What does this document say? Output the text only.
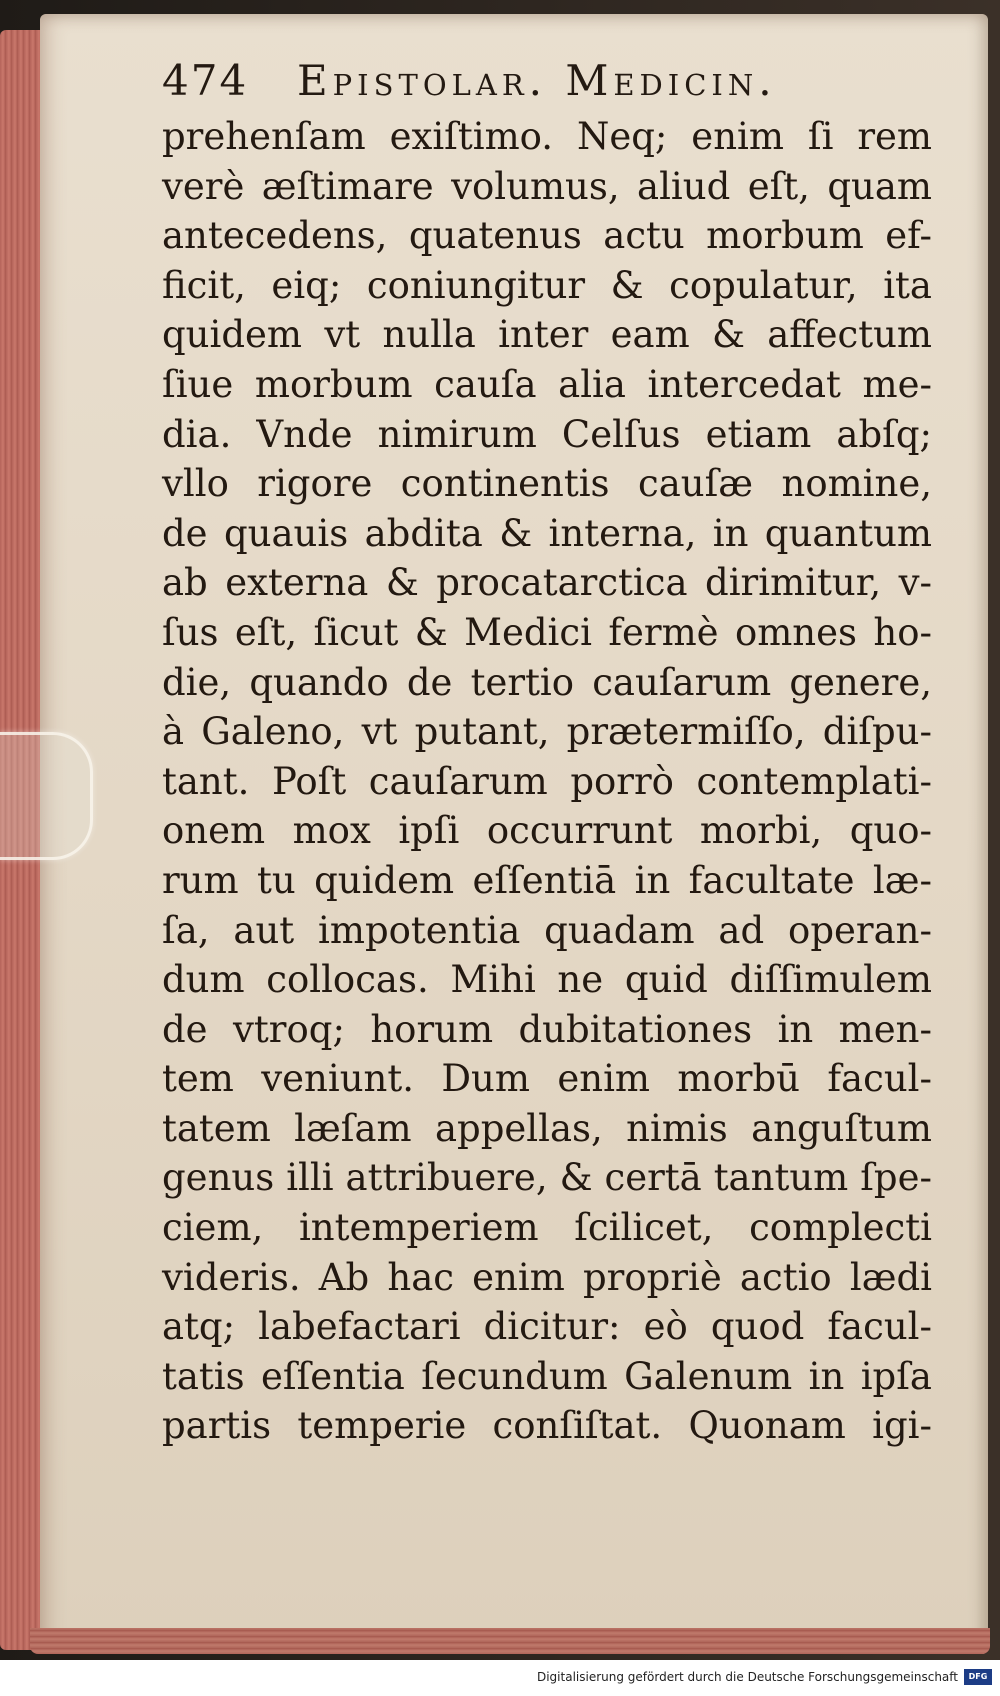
474 Epistolar. Medicin.
prehenſam exiſtimo. Neq; enim ſi rem
verè æſtimare volumus, aliud eſt, quam
antecedens, quatenus actu morbum ef-
ficit, eiq; coniungitur & copulatur, ita
quidem vt nulla inter eam & affectum
ſiue morbum cauſa alia intercedat me-
dia. Vnde nimirum Celſus etiam abſq;
vllo rigore continentis cauſæ nomine,
de quauis abdita & interna, in quantum
ab externa & procatarctica dirimitur, v-
ſus eſt, ſicut & Medici fermè omnes ho-
die, quando de tertio cauſarum genere,
à Galeno, vt putant, prætermiſſo, diſpu-
tant. Poſt cauſarum porrò contemplati-
onem mox ipſi occurrunt morbi, quo-
rum tu quidem eſſentiā in facultate læ-
ſa, aut impotentia quadam ad operan-
dum collocas. Mihi ne quid diſſimulem
de vtroq; horum dubitationes in men-
tem veniunt. Dum enim morbū facul-
tatem læſam appellas, nimis anguſtum
genus illi attribuere, & certā tantum ſpe-
ciem, intemperiem ſcilicet, complecti
videris. Ab hac enim propriè actio lædi
atq; labefactari dicitur: eò quod facul-
tatis eſſentia ſecundum Galenum in ipſa
partis temperie conſiſtat. Quonam igi-
Digitalisierung gefördert durch die Deutsche Forschungsgemeinschaft	DFG
